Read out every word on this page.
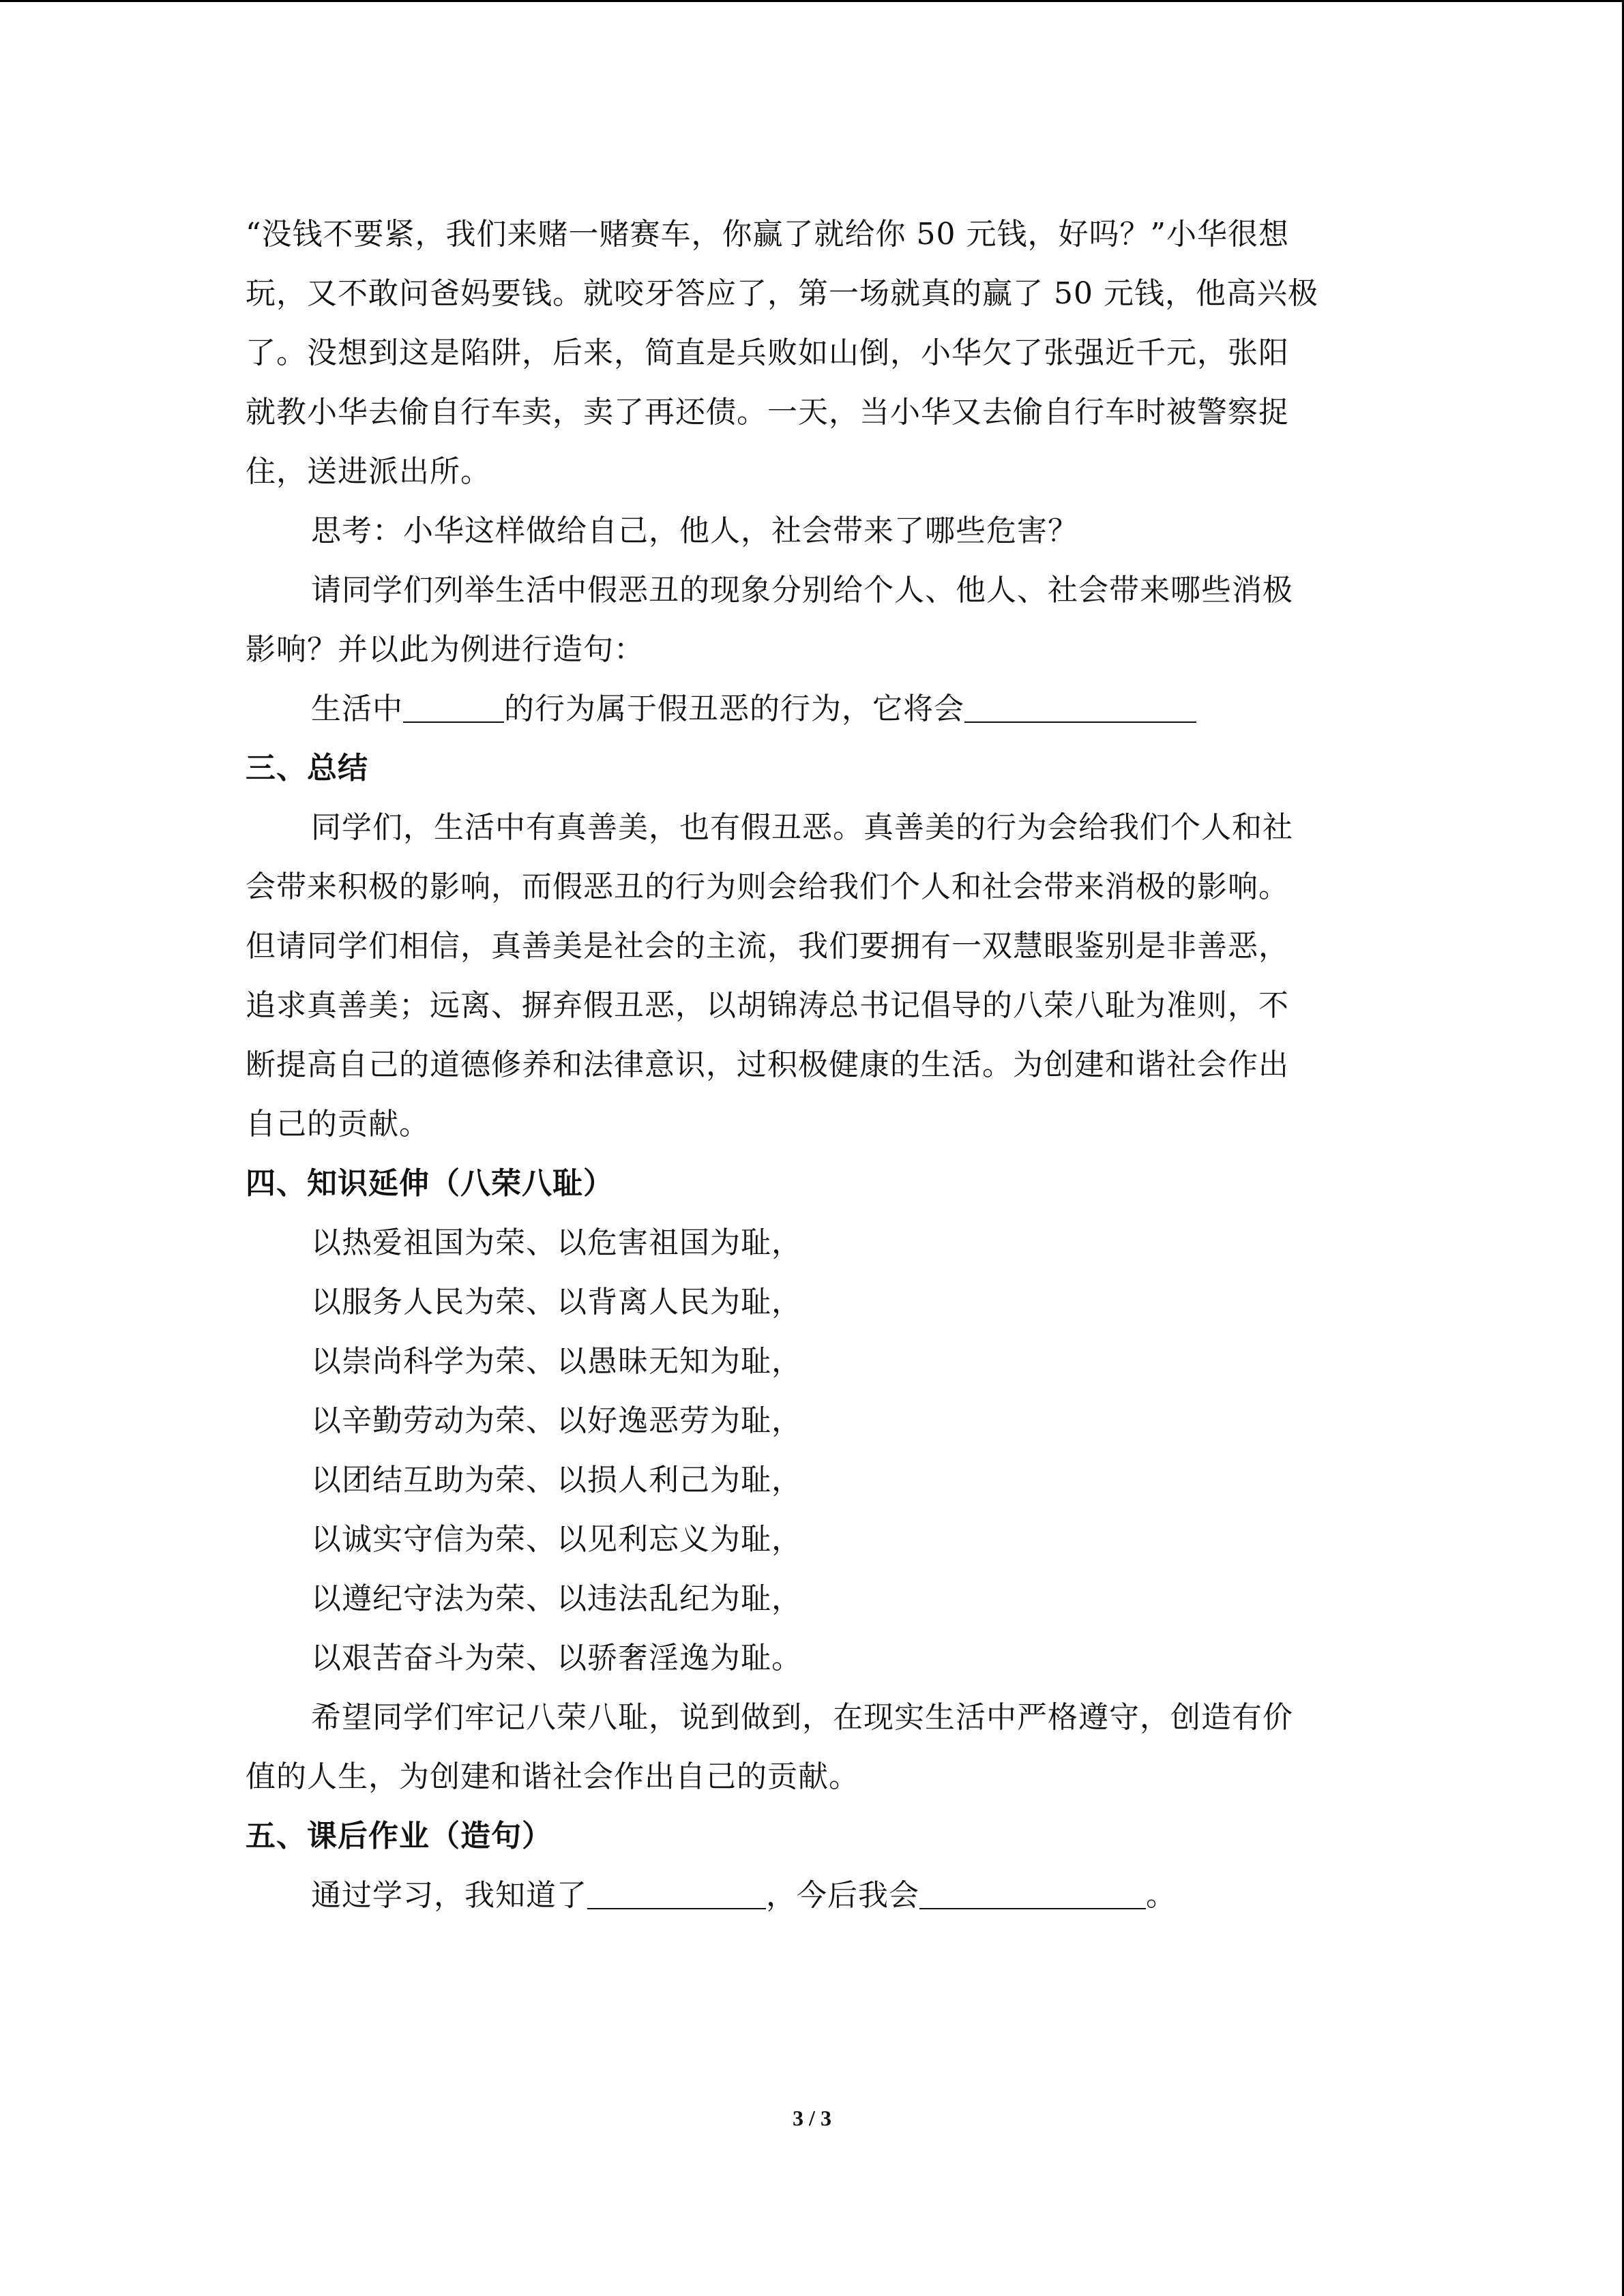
“没钱不要紧，我们来赌一赌赛车，你赢了就给你 50 元钱，好吗？”小华很想
玩，又不敢问爸妈要钱。就咬牙答应了，第一场就真的赢了 50 元钱，他高兴极
了。没想到这是陷阱，后来，简直是兵败如山倒，小华欠了张强近千元，张阳
就教小华去偷自行车卖，卖了再还债。一天，当小华又去偷自行车时被警察捉
住，送进派出所。
思考：小华这样做给自己，他人，社会带来了哪些危害？
请同学们列举生活中假恶丑的现象分别给个人、他人、社会带来哪些消极
影响？并以此为例进行造句：
生活中	的行为属于假丑恶的行为，它将会
三、总结
同学们，生活中有真善美，也有假丑恶。真善美的行为会给我们个人和社
会带来积极的影响，而假恶丑的行为则会给我们个人和社会带来消极的影响。
但请同学们相信，真善美是社会的主流，我们要拥有一双慧眼鉴别是非善恶，
追求真善美；远离、摒弃假丑恶，以胡锦涛总书记倡导的八荣八耻为准则，不
断提高自己的道德修养和法律意识，过积极健康的生活。为创建和谐社会作出
自己的贡献。
四、知识延伸（八荣八耻）
以热爱祖国为荣、以危害祖国为耻，
以服务人民为荣、以背离人民为耻，
以崇尚科学为荣、以愚昧无知为耻，
以辛勤劳动为荣、以好逸恶劳为耻，
以团结互助为荣、以损人利己为耻，
以诚实守信为荣、以见利忘义为耻，
以遵纪守法为荣、以违法乱纪为耻，
以艰苦奋斗为荣、以骄奢淫逸为耻。
希望同学们牢记八荣八耻，说到做到，在现实生活中严格遵守，创造有价
值的人生，为创建和谐社会作出自己的贡献。
五、课后作业（造句）
通过学习，我知道了	，今后我会	。
3 / 3
